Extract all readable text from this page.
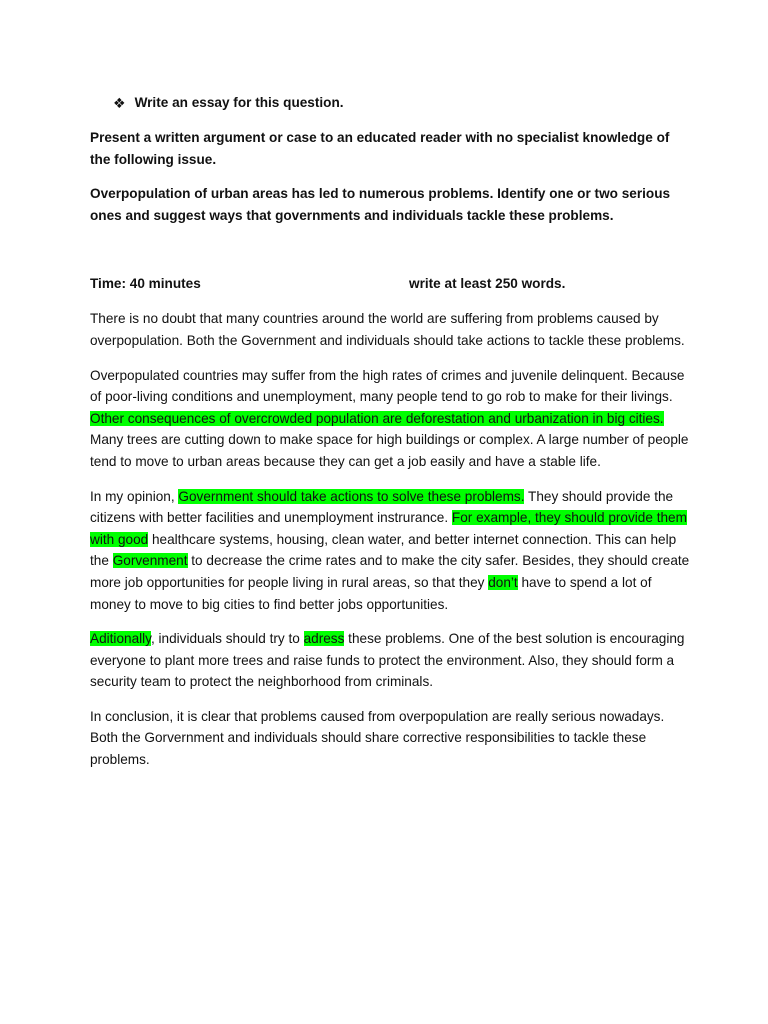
❖ Write an essay for this question.

Present a written argument or case to an educated reader with no specialist knowledge of the following issue.

Overpopulation of urban areas has led to numerous problems. Identify one or two serious ones and suggest ways that governments and individuals tackle these problems.

Time: 40 minutes	write at least 250 words.

There is no doubt that many countries around the world are suffering from problems caused by overpopulation. Both the Government and individuals should take actions to tackle these problems.

Overpopulated countries may suffer from the high rates of crimes and juvenile delinquent. Because of poor-living conditions and unemployment, many people tend to go rob to make for their livings. Other consequences of overcrowded population are deforestation and urbanization in big cities. Many trees are cutting down to make space for high buildings or complex. A large number of people tend to move to urban areas because they can get a job easily and have a stable life.

In my opinion, Government should take actions to solve these problems. They should provide the citizens with better facilities and unemployment instrurance. For example, they should provide them with good healthcare systems, housing, clean water, and better internet connection. This can help the Gorvenment to decrease the crime rates and to make the city safer. Besides, they should create more job opportunities for people living in rural areas, so that they don’t have to spend a lot of money to move to big cities to find better jobs opportunities.

Aditionally, individuals should try to adress these problems. One of the best solution is encouraging everyone to plant more trees and raise funds to protect the environment. Also, they should form a security team to protect the neighborhood from criminals.

In conclusion, it is clear that problems caused from overpopulation are really serious nowadays. Both the Gorvernment and individuals should share corrective responsibilities to tackle these problems.
